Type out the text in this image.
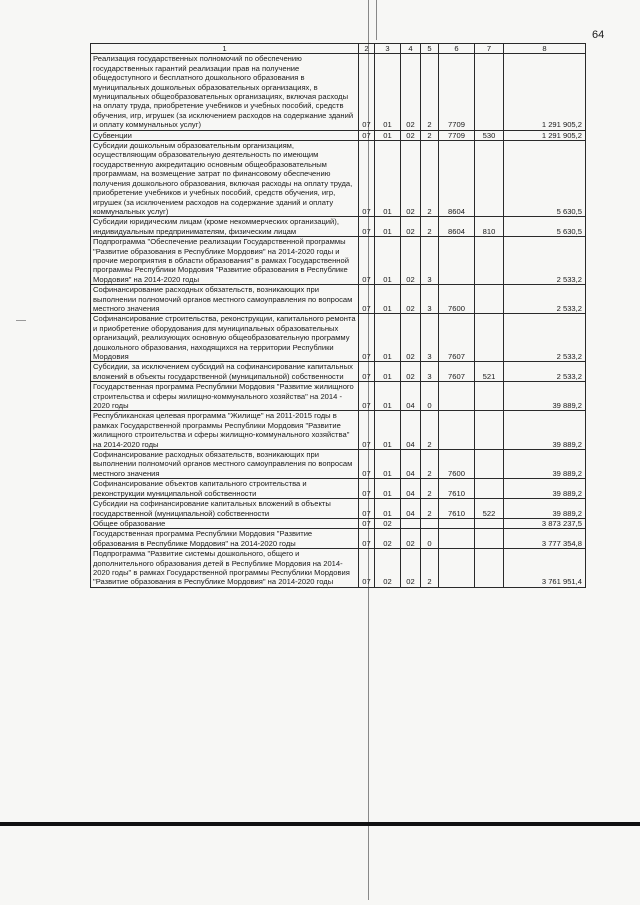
64
1	2	3	4	5	6	7	8
Реализация государственных полномочий по обеспечению государственных гарантий реализации прав на получение общедоступного и бесплатного дошкольного образования в муниципальных дошкольных образовательных организациях, в муниципальных общеобразовательных организациях, включая расходы на оплату труда, приобретение учебников и учебных пособий, средств обучения, игр, игрушек (за исключением расходов на содержание зданий и оплату коммунальных услуг)	07	01	02	2	7709		1 291 905,2
Субвенции	07	01	02	2	7709	530	1 291 905,2
Субсидии дошкольным образовательным организациям, осуществляющим образовательную деятельность по имеющим государственную аккредитацию основным общеобразовательным программам, на возмещение затрат по финансовому обеспечению получения дошкольного образования, включая расходы на оплату труда, приобретение учебников и учебных пособий, средств обучения, игр, игрушек (за исключением расходов на содержание зданий и оплату коммунальных услуг)	07	01	02	2	8604		5 630,5
Субсидии юридическим лицам (кроме некоммерческих организаций), индивидуальным предпринимателям, физическим лицам	07	01	02	2	8604	810	5 630,5
Подпрограмма "Обеспечение реализации Государственной программы "Развитие образования в Республике Мордовия" на 2014-2020 годы и прочие мероприятия в области образования" в рамках Государственной программы Республики Мордовия "Развитие образования в Республике Мордовия" на 2014-2020 годы	07	01	02	3			2 533,2
Софинансирование расходных обязательств, возникающих при выполнении полномочий органов местного самоуправления по вопросам местного значения	07	01	02	3	7600		2 533,2
Софинансирование строительства, реконструкции, капитального ремонта и приобретение оборудования для муниципальных образовательных организаций, реализующих основную общеобразовательную программу дошкольного образования, находящихся на территории Республики Мордовия	07	01	02	3	7607		2 533,2
Субсидии, за исключением субсидий на софинансирование капитальных вложений в объекты государственной (муниципальной) собственности	07	01	02	3	7607	521	2 533,2
Государственная программа Республики Мордовия "Развитие жилищного строительства и сферы жилищно-коммунального хозяйства" на 2014 - 2020 годы	07	01	04	0			39 889,2
Республиканская целевая программа "Жилище" на 2011-2015 годы в рамках Государственной программы Республики Мордовия "Развитие жилищного строительства и сферы жилищно-коммунального хозяйства" на 2014-2020 годы	07	01	04	2			39 889,2
Софинансирование расходных обязательств, возникающих при выполнении полномочий органов местного самоуправления по вопросам местного значения	07	01	04	2	7600		39 889,2
Софинансирование объектов капитального строительства и реконструкции муниципальной собственности	07	01	04	2	7610		39 889,2
Субсидии на софинансирование капитальных вложений в объекты государственной (муниципальной) собственности	07	01	04	2	7610	522	39 889,2
Общее образование	07	02					3 873 237,5
Государственная программа Республики Мордовия "Развитие образования в Республике Мордовия" на 2014-2020 годы	07	02	02	0			3 777 354,8
Подпрограмма "Развитие системы дошкольного, общего и дополнительного образования детей в Республике Мордовия на 2014-2020 годы" в рамках Государственной программы Республики Мордовия "Развитие образования в Республике Мордовия" на 2014-2020 годы	07	02	02	2			3 761 951,4
